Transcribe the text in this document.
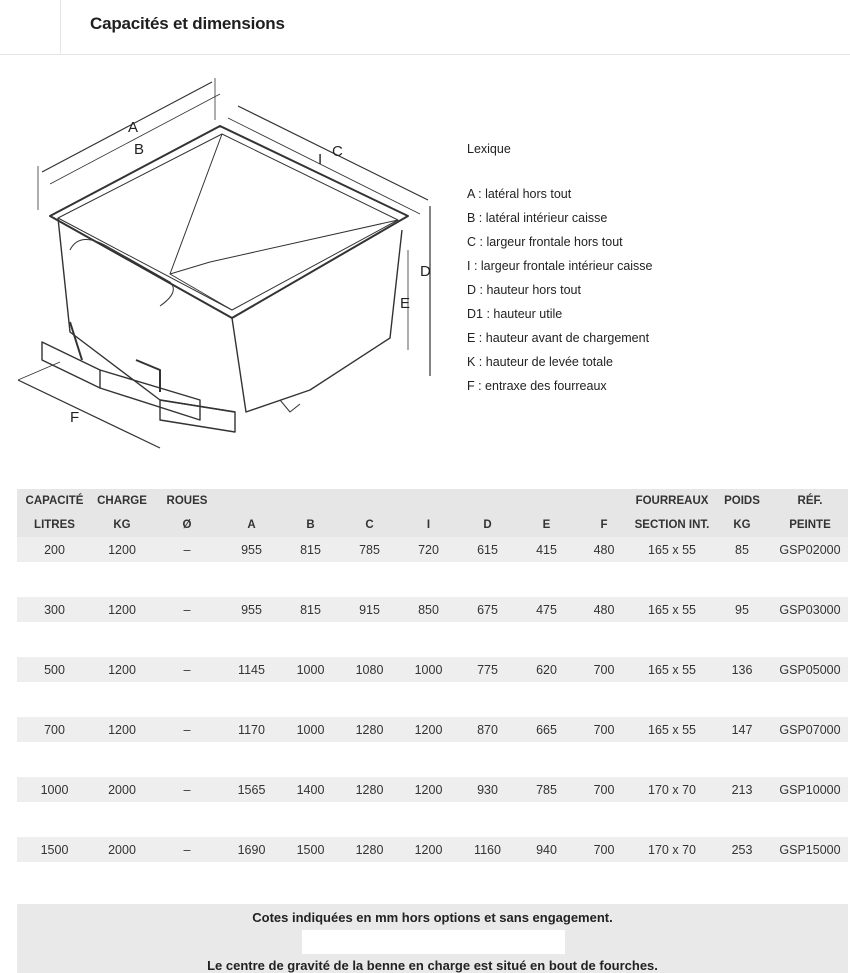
Capacités et dimensions
A
B	C
I
D
E
F
Lexique
A : latéral hors tout
B : latéral intérieur caisse
C : largeur frontale hors tout
I : largeur frontale intérieur caisse
D : hauteur hors tout
D1 : hauteur utile
E : hauteur avant de chargement
K : hauteur de levée totale
F : entraxe des fourreaux
CAPACITÉ	CHARGE	ROUES								FOURREAUX	POIDS	RÉF.
LITRES	KG	Ø	A	B	C	I	D	E	F	SECTION INT.	KG	PEINTE
200	1200	–	955	815	785	720	615	415	480	165 x 55	85	GSP02000

300	1200	–	955	815	915	850	675	475	480	165 x 55	95	GSP03000

500	1200	–	1145	1000	1080	1000	775	620	700	165 x 55	136	GSP05000

700	1200	–	1170	1000	1280	1200	870	665	700	165 x 55	147	GSP07000

1000	2000	–	1565	1400	1280	1200	930	785	700	170 x 70	213	GSP10000

1500	2000	–	1690	1500	1280	1200	1160	940	700	170 x 70	253	GSP15000
Cotes indiquées en mm hors options et sans engagement.
Le centre de gravité de la benne en charge est situé en bout de fourches.
